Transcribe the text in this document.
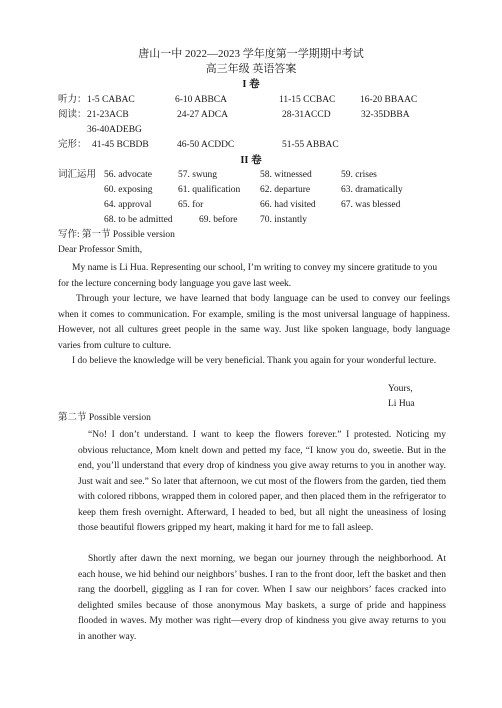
唐山一中 2022—2023 学年度第一学期期中考试
高三年级 英语答案
I 卷
听力： 1-5 CABAC	6-10 ABBCA	11-15 CCBAC	16-20 BBAAC
阅读： 21-23ACB	24-27 ADCA	28-31ACCD	32-35DBBA
36-40ADEBG
完形： 41-45 BCBDB	46-50 ACDDC	51-55 ABBAC
II 卷
词汇运用 56. advocate	57. swung	58. witnessed	59. crises
60. exposing	61. qualification 62. departure	63. dramatically
64. approval	65. for	66. had visited	67. was blessed
68. to be admitted	69. before 70. instantly
写作: 第一节 Possible version
Dear Professor Smith,
My name is Li Hua. Representing our school, I’m writing to convey my sincere gratitude to you for the lecture concerning body language you gave last week.
Through your lecture, we have learned that body language can be used to convey our feelings when it comes to communication. For example, smiling is the most universal language of happiness. However, not all cultures greet people in the same way. Just like spoken language, body language varies from culture to culture.
I do believe the knowledge will be very beneficial. Thank you again for your wonderful lecture.
Yours,
Li Hua
第二节 Possible version
“No! I don’t understand. I want to keep the flowers forever.” I protested. Noticing my obvious reluctance, Mom knelt down and petted my face, “I know you do, sweetie. But in the end, you’ll understand that every drop of kindness you give away returns to you in another way. Just wait and see.” So later that afternoon, we cut most of the flowers from the garden, tied them with colored ribbons, wrapped them in colored paper, and then placed them in the refrigerator to keep them fresh overnight. Afterward, I headed to bed, but all night the uneasiness of losing those beautiful flowers gripped my heart, making it hard for me to fall asleep.
Shortly after dawn the next morning, we began our journey through the neighborhood. At each house, we hid behind our neighbors’ bushes. I ran to the front door, left the basket and then rang the doorbell, giggling as I ran for cover. When I saw our neighbors’ faces cracked into delighted smiles because of those anonymous May baskets, a surge of pride and happiness flooded in waves. My mother was right—every drop of kindness you give away returns to you in another way.
